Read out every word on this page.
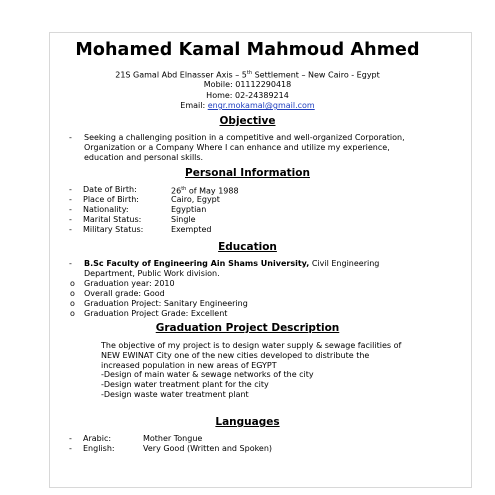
Mohamed Kamal Mahmoud Ahmed
21S Gamal Abd Elnasser Axis – 5th Settlement – New Cairo - Egypt
Mobile: 01112290418
Home: 02-24389214
Email: engr.mokamal@gmail.com
Objective
- Seeking a challenging position in a competitive and well-organized Corporation,
Organization or a Company Where I can enhance and utilize my experience,
education and personal skills.
Personal Information
- Date of Birth:	26th of May 1988
- Place of Birth:	Cairo, Egypt
- Nationality:	Egyptian
- Marital Status:	Single
- Military Status:	Exempted
Education
- B.Sc Faculty of Engineering Ain Shams University, Civil Engineering
Department, Public Work division.
o Graduation year: 2010
o Overall grade: Good
o Graduation Project: Sanitary Engineering
o Graduation Project Grade: Excellent
Graduation Project Description
The objective of my project is to design water supply & sewage facilities of
NEW EWINAT City one of the new cities developed to distribute the
increased population in new areas of EGYPT
-Design of main water & sewage networks of the city
-Design water treatment plant for the city
-Design waste water treatment plant
Languages
- Arabic:	Mother Tongue
- English:	Very Good (Written and Spoken)
